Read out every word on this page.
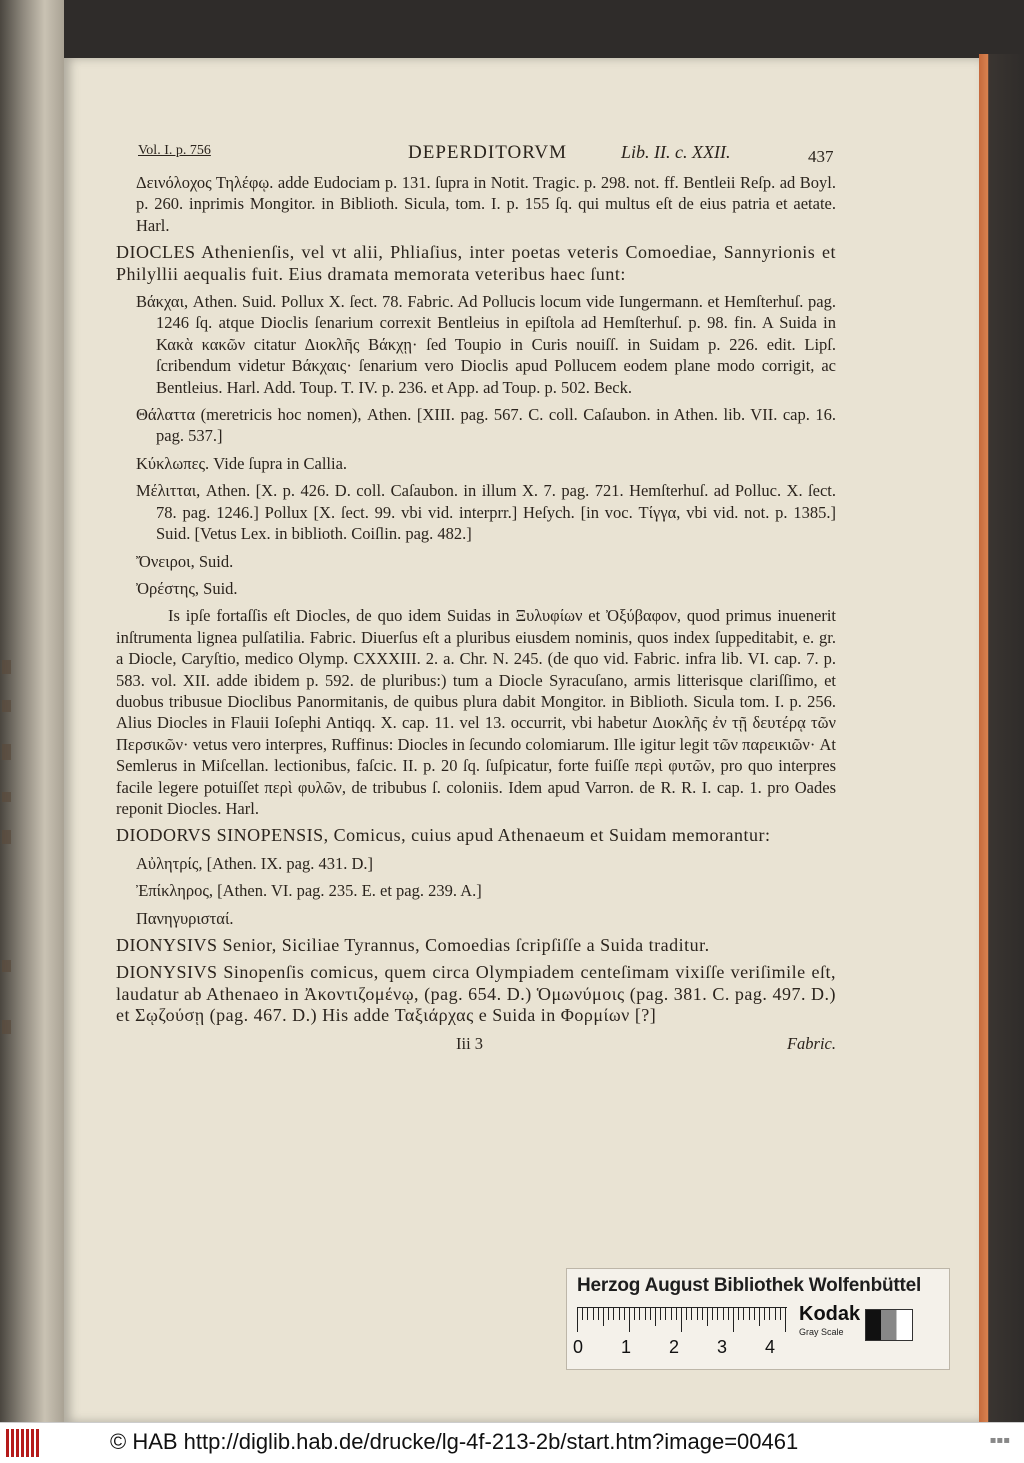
Vol. I. p. 756	DEPERDITORVM	Lib. II. c. XXII.	437

Δεινόλοχος Τηλέφῳ. adde Eudociam p. 131. ſupra in Notit. Tragic. p. 298. not. ff. Bentleii Reſp. ad Boyl. p. 260. inprimis Mongitor. in Biblioth. Sicula, tom. I. p. 155 ſq. qui multus eſt de eius patria et aetate. Harl.

DIOCLES Athenienſis, vel vt alii, Phliaſius, inter poetas veteris Comoediae, Sannyrionis et Philyllii aequalis fuit. Eius dramata memorata veteribus haec ſunt:

Βάκχαι, Athen. Suid. Pollux X. ſect. 78. Fabric. Ad Pollucis locum vide Iungermann. et Hemſterhuſ. pag. 1246 ſq. atque Dioclis ſenarium correxit Bentleius in epiſtola ad Hemſterhuſ. p. 98. fin. A Suida in Κακὰ κακῶν citatur Διοκλῆς Βάκχῃ· ſed Toupio in Curis nouiſſ. in Suidam p. 226. edit. Lipſ. ſcribendum videtur Βάκχαις· ſenarium vero Dioclis apud Pollucem eodem plane modo corrigit, ac Bentleius. Harl. Add. Toup. T. IV. p. 236. et App. ad Toup. p. 502. Beck.

Θάλαττα (meretricis hoc nomen), Athen. [XIII. pag. 567. C. coll. Caſaubon. in Athen. lib. VII. cap. 16. pag. 537.]

Κύκλωπες. Vide ſupra in Callia.

Μέλιτται, Athen. [X. p. 426. D. coll. Caſaubon. in illum X. 7. pag. 721. Hemſterhuſ. ad Polluc. X. ſect. 78. pag. 1246.] Pollux [X. ſect. 99. vbi vid. interprr.] Heſych. [in voc. Τίγγα, vbi vid. not. p. 1385.] Suid. [Vetus Lex. in biblioth. Coiſlin. pag. 482.]

Ὄνειροι, Suid.

Ὀρέστης, Suid.

Is ipſe fortaſſis eſt Diocles, de quo idem Suidas in Ξυλυφίων et Ὀξύβαφον, quod primus inuenerit inſtrumenta lignea pulſatilia. Fabric. Diuerſus eſt a pluribus eiusdem nominis, quos index ſuppeditabit, e. gr. a Diocle, Caryſtio, medico Olymp. CXXXIII. 2. a. Chr. N. 245. (de quo vid. Fabric. infra lib. VI. cap. 7. p. 583. vol. XII. adde ibidem p. 592. de pluribus:) tum a Diocle Syracuſano, armis litterisque clariſſimo, et duobus tribusue Dioclibus Panormitanis, de quibus plura dabit Mongitor. in Biblioth. Sicula tom. I. p. 256. Alius Diocles in Flauii Ioſephi Antiqq. X. cap. 11. vel 13. occurrit, vbi habetur Διοκλῆς ἐν τῇ δευτέρᾳ τῶν Περσικῶν· vetus vero interpres, Ruffinus: Diocles in ſecundo colomiarum. Ille igitur legit τῶν παρεικιῶν· At Semlerus in Miſcellan. lectionibus, faſcic. II. p. 20 ſq. ſuſpicatur, forte fuiſſe περὶ φυτῶν, pro quo interpres facile legere potuiſſet περὶ φυλῶν, de tribubus ſ. coloniis. Idem apud Varron. de R. R. I. cap. 1. pro Oades reponit Diocles. Harl.

DIODORVS SINOPENSIS, Comicus, cuius apud Athenaeum et Suidam memorantur:

Αὐλητρίς, [Athen. IX. pag. 431. D.]

Ἐπίκληρος, [Athen. VI. pag. 235. E. et pag. 239. A.]

Πανηγυρισταί.

DIONYSIVS Senior, Siciliae Tyrannus, Comoedias ſcripſiſſe a Suida traditur.

DIONYSIVS Sinopenſis comicus, quem circa Olympiadem centeſimam vixiſſe veriſimile eſt, laudatur ab Athenaeo in Ἀκοντιζομένῳ, (pag. 654. D.) Ὁμωνύμοις (pag. 381. C. pag. 497. D.) et Σῳζούσῃ (pag. 467. D.) His adde Ταξιάρχας e Suida in Φορμίων [?]

Iii 3	Fabric.
Herzog August Bibliothek Wolfenbüttel
0 1 2 3 4
Kodak
Gray Scale
© HAB http://diglib.hab.de/drucke/lg-4f-213-2b/start.htm?image=00461	▪▪▪
